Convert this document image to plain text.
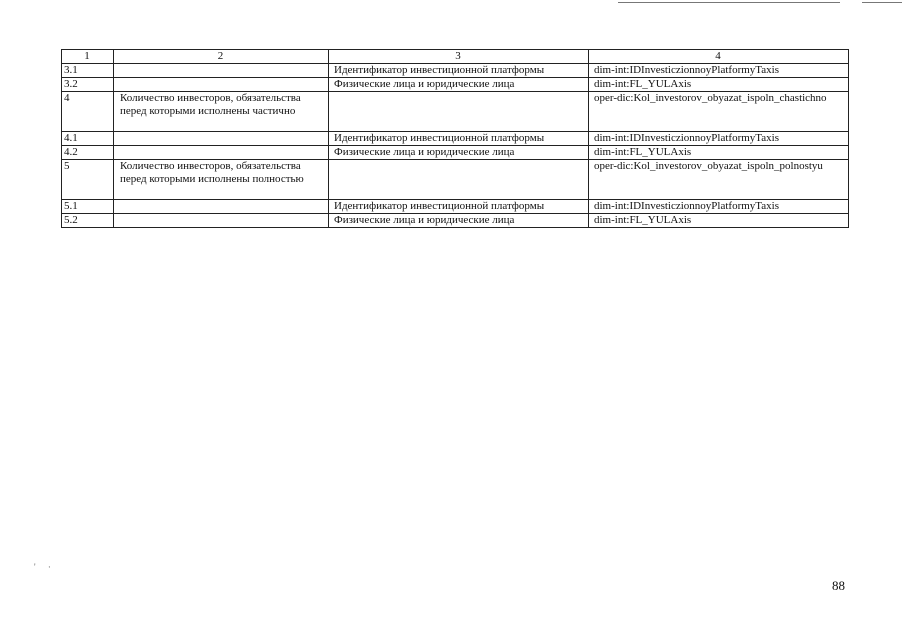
1	2	3	4
3.1		Идентификатор инвестиционной платформы	dim-int:IDInvesticzionnoyPlatformyTaxis
3.2		Физические лица и юридические лица	dim-int:FL_YULAxis
4	Количество инвесторов, обязательства перед которыми исполнены частично		oper-dic:Kol_investorov_obyazat_ispoln_chastichno
4.1		Идентификатор инвестиционной платформы	dim-int:IDInvesticzionnoyPlatformyTaxis
4.2		Физические лица и юридические лица	dim-int:FL_YULAxis
5	Количество инвесторов, обязательства перед которыми исполнены полностью		oper-dic:Kol_investorov_obyazat_ispoln_polnostyu
5.1		Идентификатор инвестиционной платформы	dim-int:IDInvesticzionnoyPlatformyTaxis
5.2		Физические лица и юридические лица	dim-int:FL_YULAxis
' ·
88
